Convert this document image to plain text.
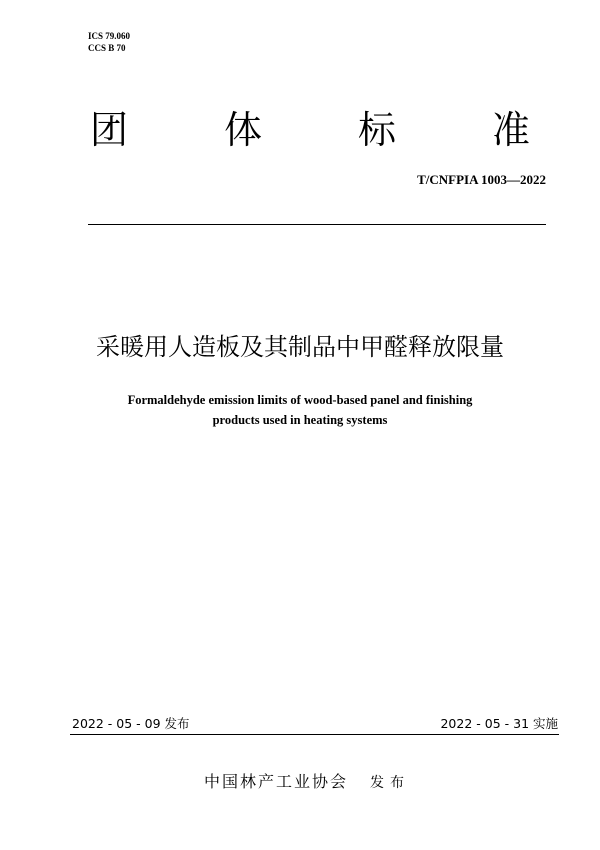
ICS 79.060
CCS B 70
团	体	标	准
T/CNFPIA 1003—2022
采暖用人造板及其制品中甲醛释放限量
Formaldehyde emission limits of wood-based panel and finishing
products used in heating systems
2022 - 05 - 09 发布	2022 - 05 - 31 实施
中国林产工业协会 发布
